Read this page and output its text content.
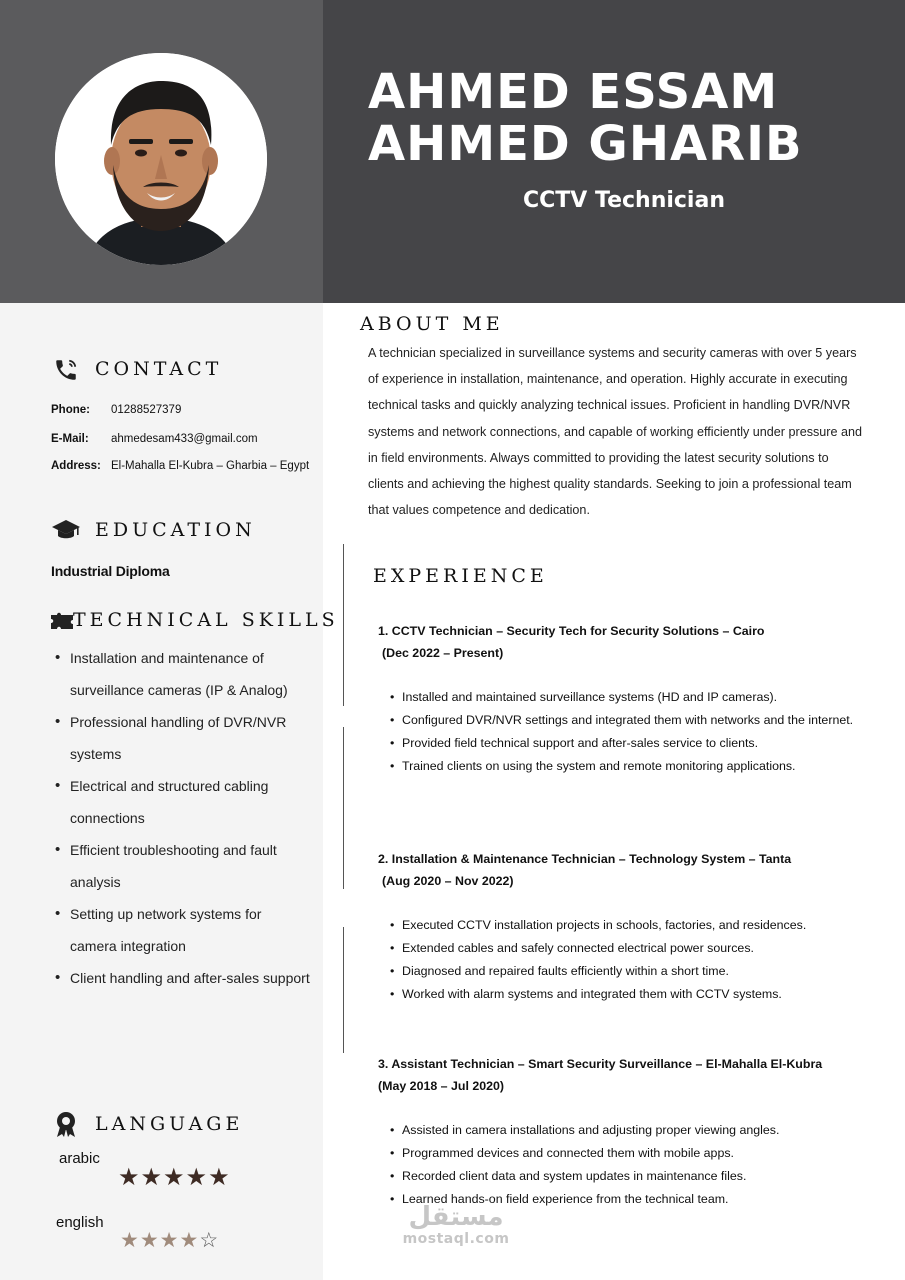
AHMED ESSAM
AHMED GHARIB
CCTV Technician
CONTACT
Phone: 01288527379
E-Mail: ahmedesam433@gmail.com
Address: El-Mahalla El-Kubra – Gharbia – Egypt
EDUCATION
Industrial Diploma
TECHNICAL SKILLS
• Installation and maintenance of surveillance cameras (IP & Analog)
• Professional handling of DVR/NVR systems
• Electrical and structured cabling connections
• Efficient troubleshooting and fault analysis
• Setting up network systems for camera integration
• Client handling and after-sales support
LANGUAGE
arabic
★★★★★
english
★★★★☆
ABOUT ME
A technician specialized in surveillance systems and security cameras with over 5 years of experience in installation, maintenance, and operation. Highly accurate in executing technical tasks and quickly analyzing technical issues. Proficient in handling DVR/NVR systems and network connections, and capable of working efficiently under pressure and in field environments. Always committed to providing the latest security solutions to clients and achieving the highest quality standards. Seeking to join a professional team that values competence and dedication.
EXPERIENCE
1. CCTV Technician – Security Tech for Security Solutions – Cairo
(Dec 2022 – Present)
• Installed and maintained surveillance systems (HD and IP cameras).
• Configured DVR/NVR settings and integrated them with networks and the internet.
• Provided field technical support and after-sales service to clients.
• Trained clients on using the system and remote monitoring applications.
2. Installation & Maintenance Technician – Technology System – Tanta
(Aug 2020 – Nov 2022)
• Executed CCTV installation projects in schools, factories, and residences.
• Extended cables and safely connected electrical power sources.
• Diagnosed and repaired faults efficiently within a short time.
• Worked with alarm systems and integrated them with CCTV systems.
3. Assistant Technician – Smart Security Surveillance – El-Mahalla El-Kubra
(May 2018 – Jul 2020)
• Assisted in camera installations and adjusting proper viewing angles.
• Programmed devices and connected them with mobile apps.
• Recorded client data and system updates in maintenance files.
• Learned hands-on field experience from the technical team.
مستقل
mostaql.com
